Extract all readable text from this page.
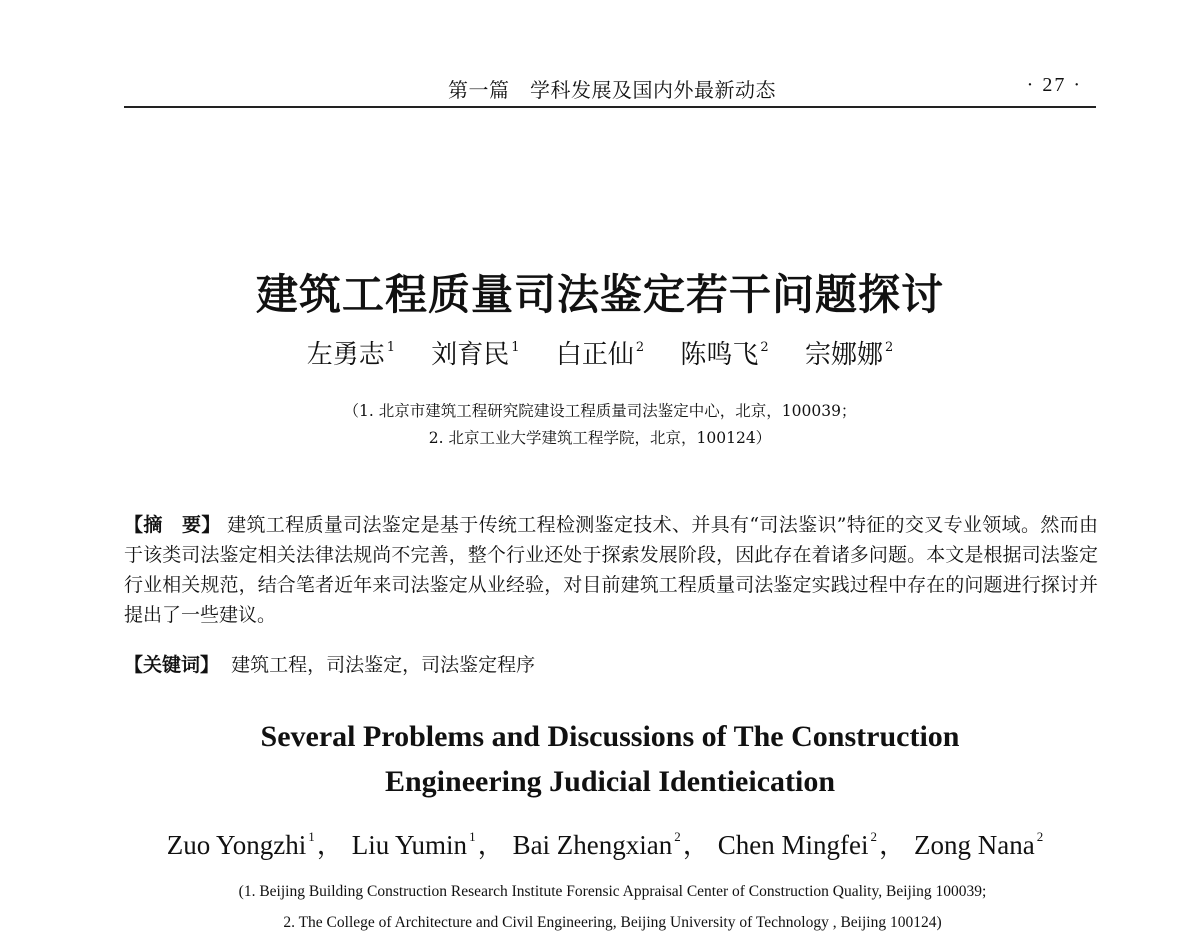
第一篇　学科发展及国内外最新动态	· 27 ·
建筑工程质量司法鉴定若干问题探讨
左勇志 $^1$ 刘育民 $^1$ 白正仙 $^2$ 陈鸣飞 $^2$ 宗娜娜 $^2$
（1. 北京市建筑工程研究院建设工程质量司法鉴定中心，北京，100039；
2. 北京工业大学建筑工程学院，北京，100124）
【摘　要】 建筑工程质量司法鉴定是基于传统工程检测鉴定技术、并具有“司法鉴识”特征的交叉专业领域。然而由于该类司法鉴定相关法律法规尚不完善，整个行业还处于探索发展阶段，因此存在着诸多问题。本文是根据司法鉴定行业相关规范，结合笔者近年来司法鉴定从业经验，对目前建筑工程质量司法鉴定实践过程中存在的问题进行探讨并提出了一些建议。
【关键词】 建筑工程，司法鉴定，司法鉴定程序
Several Problems and Discussions of The Construction
Engineering Judicial Identieication
Zuo Yongzhi $^1$， Liu Yumin $^1$， Bai Zhengxian $^2$， Chen Mingfei $^2$， Zong Nana $^2$
(1. Beijing Building Construction Research Institute Forensic Appraisal Center of Construction Quality, Beijing 100039;
2. The College of Architecture and Civil Engineering, Beijing University of Technology , Beijing 100124)
